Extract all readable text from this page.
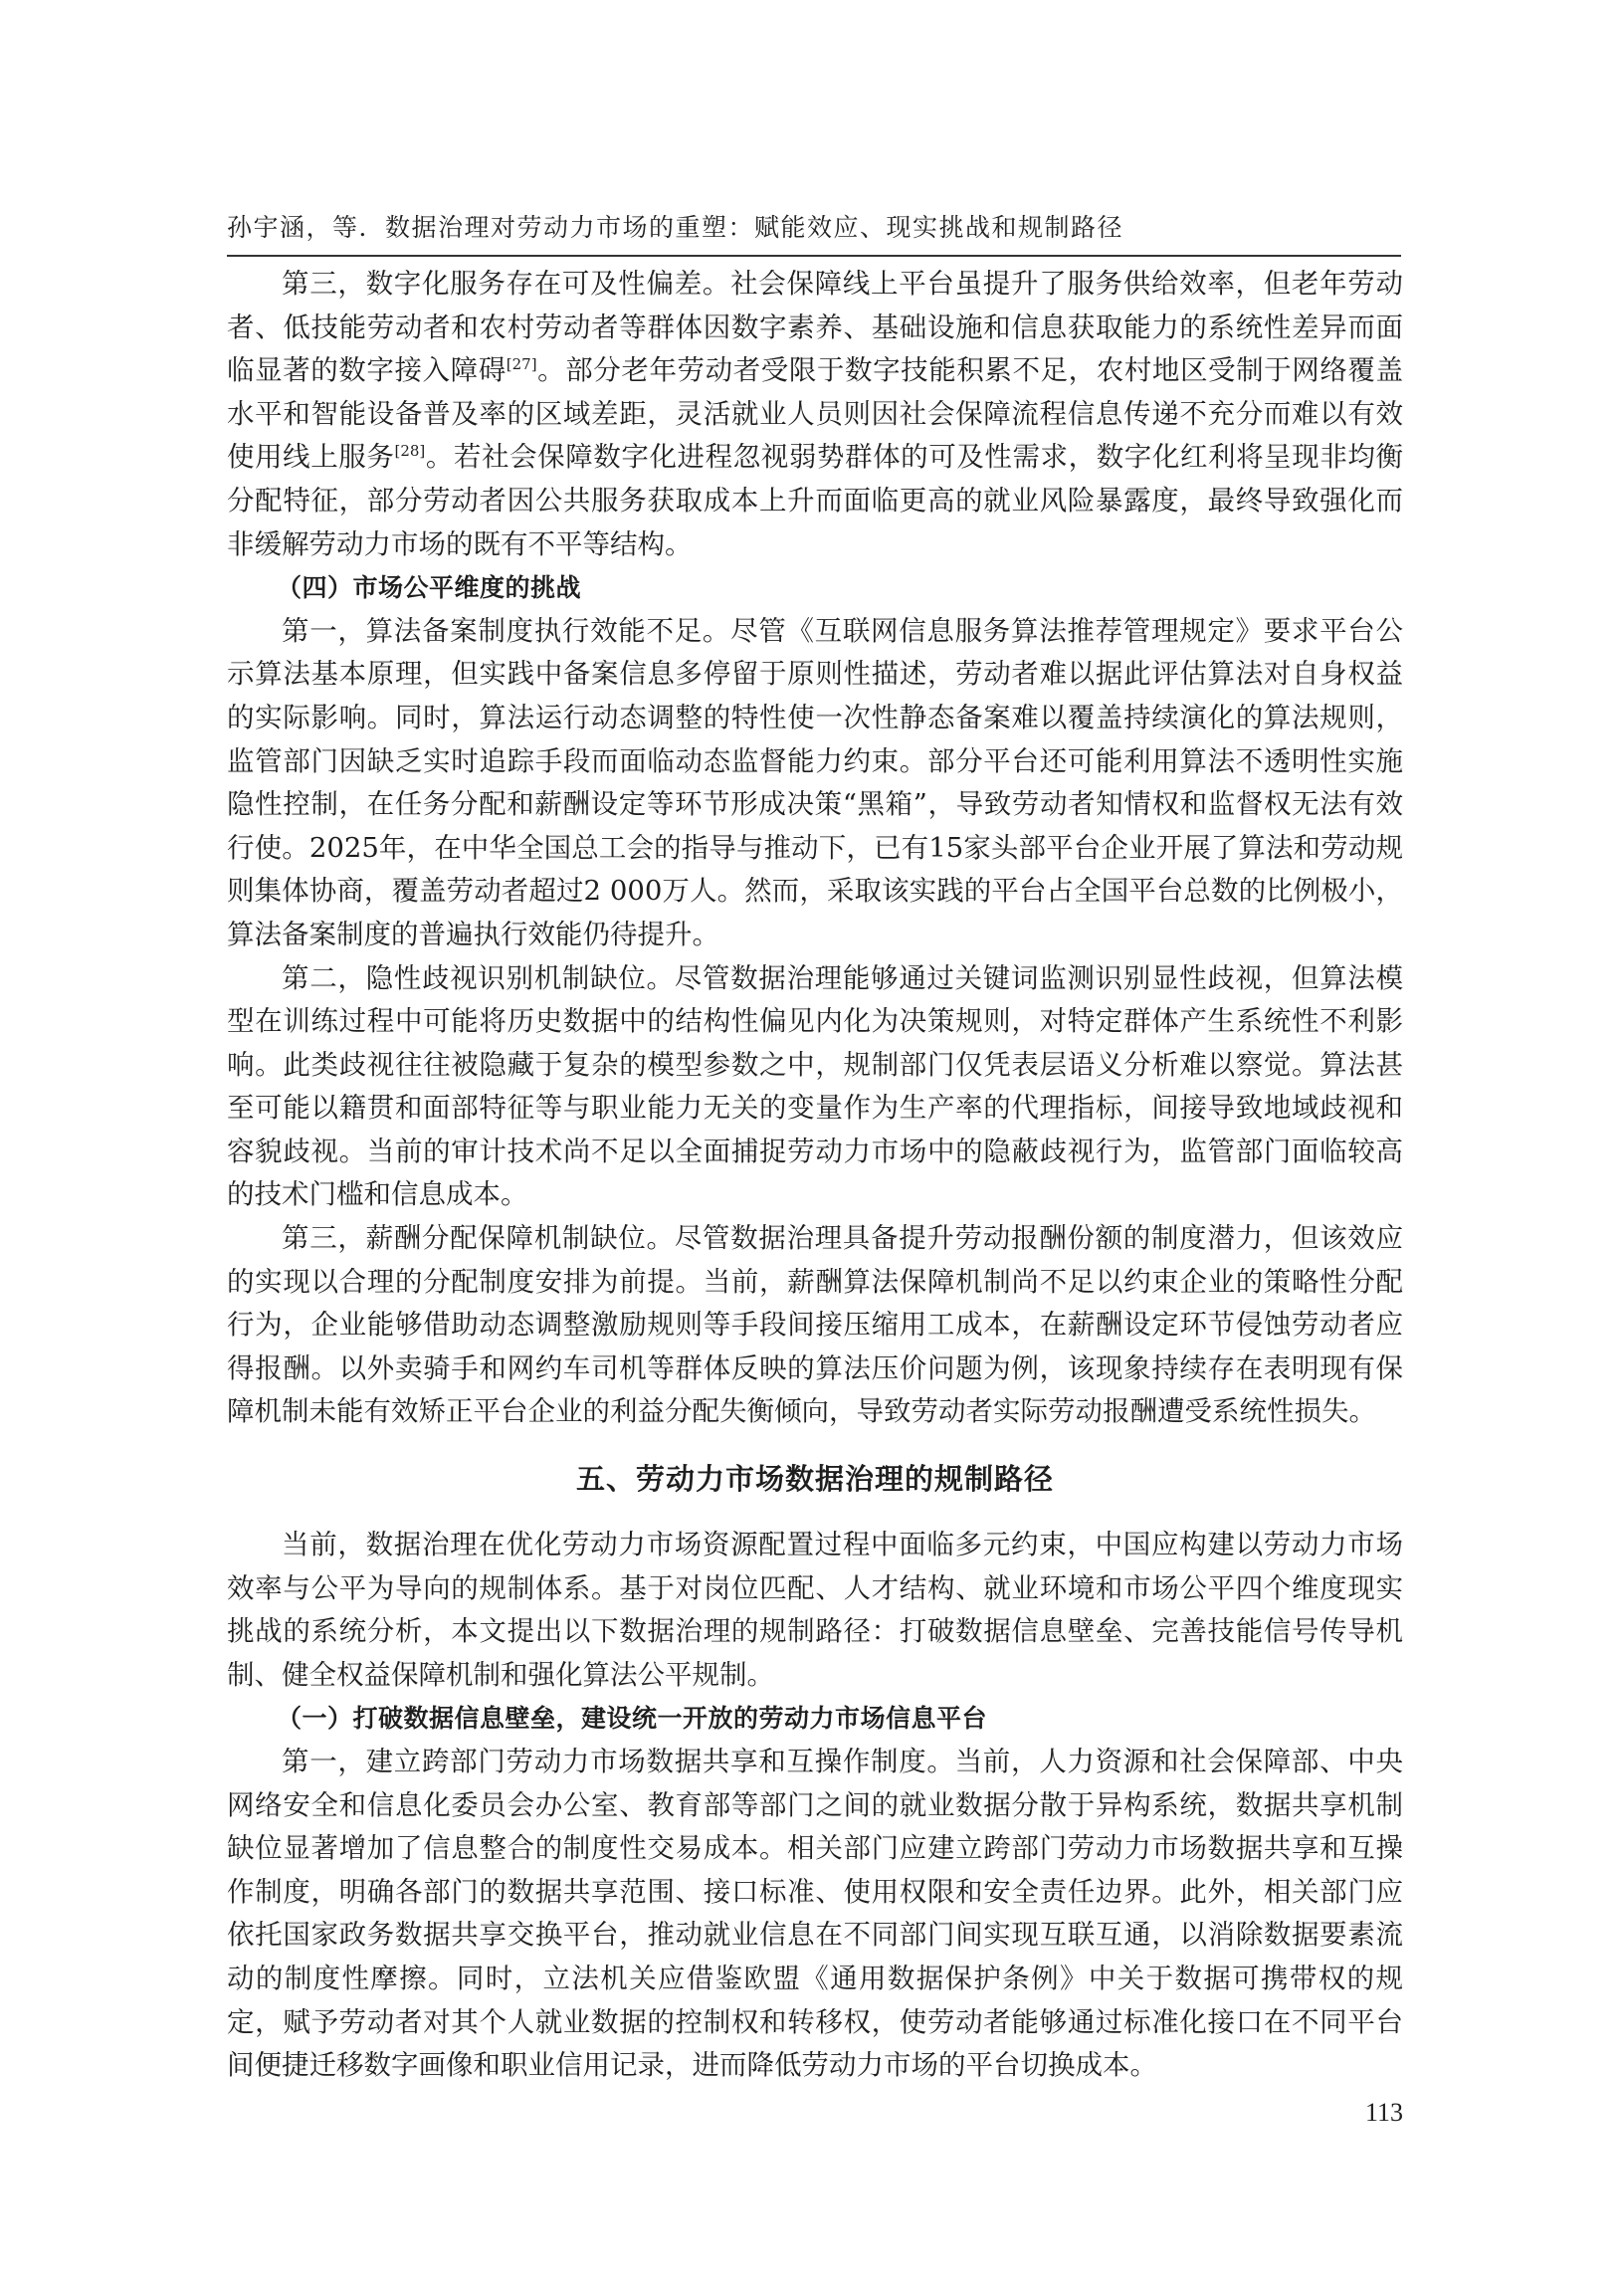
孙宇涵，等．数据治理对劳动力市场的重塑：赋能效应、现实挑战和规制路径

第三，数字化服务存在可及性偏差。社会保障线上平台虽提升了服务供给效率，但老年劳动者、低技能劳动者和农村劳动者等群体因数字素养、基础设施和信息获取能力的系统性差异而面临显著的数字接入障碍[27]。部分老年劳动者受限于数字技能积累不足，农村地区受制于网络覆盖水平和智能设备普及率的区域差距，灵活就业人员则因社会保障流程信息传递不充分而难以有效使用线上服务[28]。若社会保障数字化进程忽视弱势群体的可及性需求，数字化红利将呈现非均衡分配特征，部分劳动者因公共服务获取成本上升而面临更高的就业风险暴露度，最终导致强化而非缓解劳动力市场的既有不平等结构。

（四）市场公平维度的挑战

第一，算法备案制度执行效能不足。尽管《互联网信息服务算法推荐管理规定》要求平台公示算法基本原理，但实践中备案信息多停留于原则性描述，劳动者难以据此评估算法对自身权益的实际影响。同时，算法运行动态调整的特性使一次性静态备案难以覆盖持续演化的算法规则，监管部门因缺乏实时追踪手段而面临动态监督能力约束。部分平台还可能利用算法不透明性实施隐性控制，在任务分配和薪酬设定等环节形成决策“黑箱”，导致劳动者知情权和监督权无法有效行使。2025年，在中华全国总工会的指导与推动下，已有15家头部平台企业开展了算法和劳动规则集体协商，覆盖劳动者超过2 000万人。然而，采取该实践的平台占全国平台总数的比例极小，算法备案制度的普遍执行效能仍待提升。

第二，隐性歧视识别机制缺位。尽管数据治理能够通过关键词监测识别显性歧视，但算法模型在训练过程中可能将历史数据中的结构性偏见内化为决策规则，对特定群体产生系统性不利影响。此类歧视往往被隐藏于复杂的模型参数之中，规制部门仅凭表层语义分析难以察觉。算法甚至可能以籍贯和面部特征等与职业能力无关的变量作为生产率的代理指标，间接导致地域歧视和容貌歧视。当前的审计技术尚不足以全面捕捉劳动力市场中的隐蔽歧视行为，监管部门面临较高的技术门槛和信息成本。

第三，薪酬分配保障机制缺位。尽管数据治理具备提升劳动报酬份额的制度潜力，但该效应的实现以合理的分配制度安排为前提。当前，薪酬算法保障机制尚不足以约束企业的策略性分配行为，企业能够借助动态调整激励规则等手段间接压缩用工成本，在薪酬设定环节侵蚀劳动者应得报酬。以外卖骑手和网约车司机等群体反映的算法压价问题为例，该现象持续存在表明现有保障机制未能有效矫正平台企业的利益分配失衡倾向，导致劳动者实际劳动报酬遭受系统性损失。

五、劳动力市场数据治理的规制路径

当前，数据治理在优化劳动力市场资源配置过程中面临多元约束，中国应构建以劳动力市场效率与公平为导向的规制体系。基于对岗位匹配、人才结构、就业环境和市场公平四个维度现实挑战的系统分析，本文提出以下数据治理的规制路径：打破数据信息壁垒、完善技能信号传导机制、健全权益保障机制和强化算法公平规制。

（一）打破数据信息壁垒，建设统一开放的劳动力市场信息平台

第一，建立跨部门劳动力市场数据共享和互操作制度。当前，人力资源和社会保障部、中央网络安全和信息化委员会办公室、教育部等部门之间的就业数据分散于异构系统，数据共享机制缺位显著增加了信息整合的制度性交易成本。相关部门应建立跨部门劳动力市场数据共享和互操作制度，明确各部门的数据共享范围、接口标准、使用权限和安全责任边界。此外，相关部门应依托国家政务数据共享交换平台，推动就业信息在不同部门间实现互联互通，以消除数据要素流动的制度性摩擦。同时，立法机关应借鉴欧盟《通用数据保护条例》中关于数据可携带权的规定，赋予劳动者对其个人就业数据的控制权和转移权，使劳动者能够通过标准化接口在不同平台间便捷迁移数字画像和职业信用记录，进而降低劳动力市场的平台切换成本。

113
